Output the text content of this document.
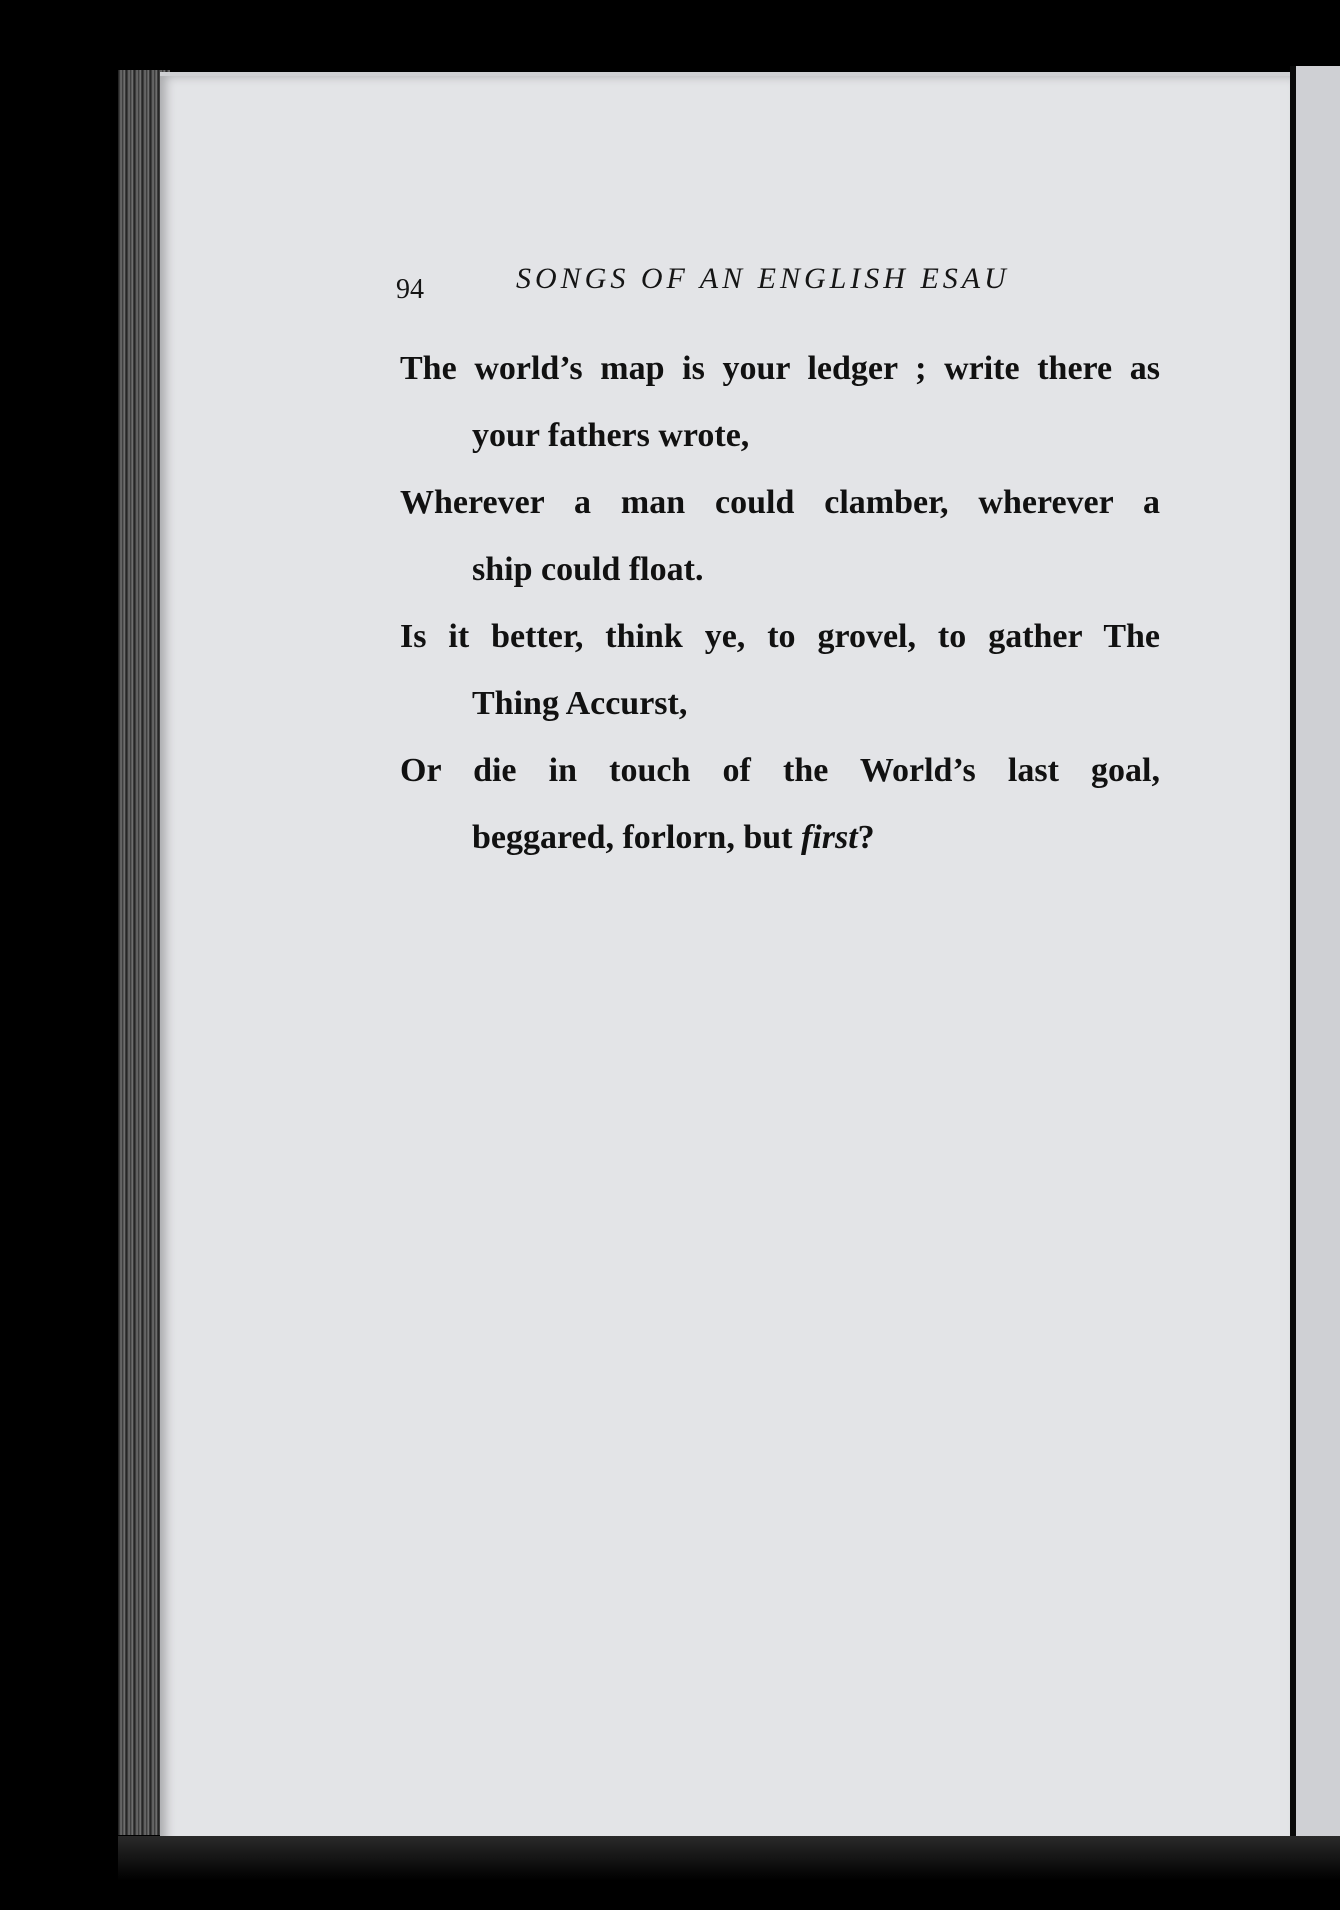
94	SONGS OF AN ENGLISH ESAU
The world’s map is your ledger ; write there as
your fathers wrote,
Wherever a man could clamber, wherever a
ship could float.
Is it better, think ye, to grovel, to gather The
Thing Accurst,
Or die in touch of the World’s last goal,
beggared, forlorn, but first?
